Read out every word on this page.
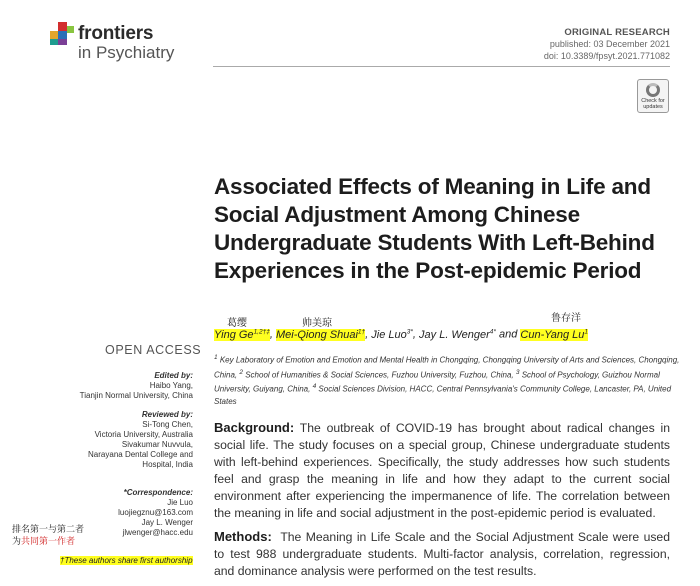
frontiers
in Psychiatry
ORIGINAL RESEARCH
published: 03 December 2021
doi: 10.3389/fpsyt.2021.771082
Check for updates
Associated Effects of Meaning in Life and Social Adjustment Among Chinese Undergraduate Students With Left-Behind Experiences in the Post-epidemic Period
葛缨	帅美琼	鲁存洋
Ying $Ge^{1,2\dagger\ddagger}$, Mei-Qiong Shuai$^{1\dagger}$, Jie Luo$^{3*}$, Jay L. Wenger$^{4*}$ and Cun-Yang Lu$^1$
$^1$ Key Laboratory of Emotion and Emotion and Mental Health in Chongqing, Chongqing University of Arts and Sciences, Chongqing, China, $^2$ School of Humanities & Social Sciences, Fuzhou University, Fuzhou, China, $^3$ School of Psychology, Guizhou Normal University, Guiyang, China, $^4$ Social Sciences Division, HACC, Central Pennsylvania's Community College, Lancaster, PA, United States
OPEN ACCESS
Edited by:
Haibo Yang,
Tianjin Normal University, China
Reviewed by:
Si-Tong Chen,
Victoria University, Australia
Sivakumar Nuvvula,
Narayana Dental College and
Hospital, India
*Correspondence:
Jie Luo
luojiegznu@163.com
Jay L. Wenger
jlwenger@hacc.edu
排名第一与第二者
为共同第一作者
†These authors share first authorship

Background: The outbreak of COVID-19 has brought about radical changes in social life. The study focuses on a special group, Chinese undergraduate students with left-behind experiences. Specifically, the study addresses how such students feel and grasp the meaning in life and how they adapt to the current social environment after experiencing the impermanence of life. The correlation between the meaning in life and social adjustment in the post-epidemic period is evaluated.

Methods: The Meaning in Life Scale and the Social Adjustment Scale were used to test 988 undergraduate students. Multi-factor analysis, correlation, regression, and dominance analysis were performed on the test results.
